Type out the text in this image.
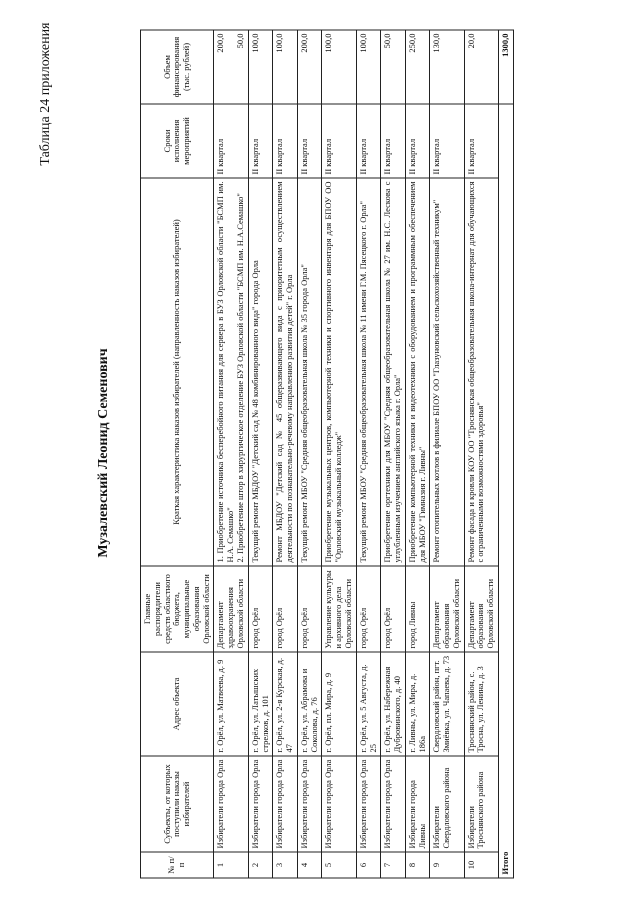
Таблица 24 приложения
Музалевский Леонид Семенович
№ п/п	Субъекты, от которых поступили наказы избирателей	Адрес объекта	Главные распорядители средств областного бюджета, муниципальные образования Орловской области	Краткая характеристика наказов избирателей (направленность наказов избирателей)	Сроки исполнения мероприятий	Объем финансирования (тыс. рублей)
1	Избиратели города Орла	г. Орёл, ул. Матвеева, д. 9	Департамент здравоохранения Орловской области	1. Приобретение источника бесперебойного питания для сервера в БУЗ Орловской области "БСМП им. Н.А. Семашко" 2. Приобретение штор в хирургическое отделение БУЗ Орловской области "БСМП им. Н.А.Семашко"	II квартал	200,0 50,0

2	Избиратели города Орла	г. Орёл, ул. Латышских стрелков, д. 101	город Орёл	Текущий ремонт МБДОУ "Детский сад № 48 комбинированного вида" города Орла	II квартал	100,0

3	Избиратели города Орла	г. Орёл, ул. 2-я Курская, д. 47	город Орёл	Ремонт МБДОУ "Детский сад № 45 общеразвивающего вида с приоритетным осуществлением деятельности по познавательно-речевому направлению развития детей" г. Орла	II квартал	100,0

4	Избиратели города Орла	г. Орёл, ул. Абрамова и Соколова, д. 76	город Орёл	Текущий ремонт МБОУ "Средняя общеобразовательная школа № 35 города Орла"	II квартал	200,0

5	Избиратели города Орла	г. Орёл, пл. Мира, д. 9	Управление культуры и архивного дела Орловской области	Приобретение музыкальных центров, компьютерной техники и спортивного инвентаря для БПОУ ОО "Орловский музыкальный колледж"	II квартал	100,0

6	Избиратели города Орла	г. Орёл, ул. 5 Августа, д. 25	город Орёл	Текущий ремонт МБОУ "Средняя общеобразовательная школа № 11 имени Г.М. Пясецкого г. Орла"	II квартал	100,0

7	Избиратели города Орла	г. Орёл, ул. Набережная Дубровинского, д. 40	город Орёл	Приобретение оргтехники для МБОУ "Средняя общеобразовательная школа № 27 им. Н.С. Лескова с углубленным изучением английского языка г. Орла"	II квартал	50,0

8	Избиратели города Ливны	г. Ливны, ул. Мира, д. 186а	город Ливны	Приобретение компьютерной техники и видеотехники с оборудованием и программным обеспечением для МБОУ "Гимназия г. Ливны"	II квартал	250,0

9	Избиратели Свердловского района	Свердловский район, пгт. Змиёвка, ул. Чапаева, д. 73	Департамент образования Орловской области	Ремонт отопительных котлов в филиале БПОУ ОО "Глазуновский сельскохозяйственный техникум"	II квартал	130,0

10	Избиратели Троснянского района	Троснянский район, с. Тросна, ул. Ленина, д. 3	Департамент образования Орловской области	Ремонт фасада и кровли КОУ ОО "Троснянская общеобразовательная школа-интернат для обучающихся с ограниченными возможностями здоровья"	II квартал	20,0

Итого						1300,0
